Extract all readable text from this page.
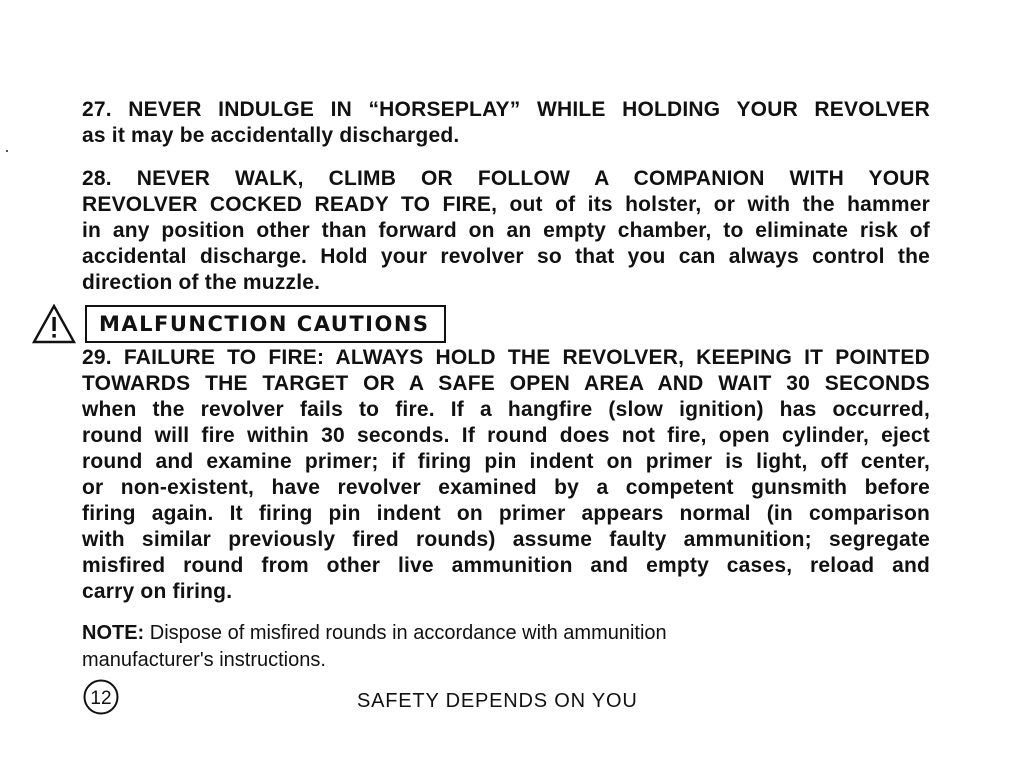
27. NEVER INDULGE IN “HORSEPLAY” WHILE HOLDING YOUR REVOLVER
as it may be accidentally discharged.
28. NEVER WALK, CLIMB OR FOLLOW A COMPANION WITH YOUR
REVOLVER COCKED READY TO FIRE, out of its holster, or with the hammer
in any position other than forward on an empty chamber, to eliminate risk of
accidental discharge. Hold your revolver so that you can always control the
direction of the muzzle.
MALFUNCTION CAUTIONS
29. FAILURE TO FIRE: ALWAYS HOLD THE REVOLVER, KEEPING IT POINTED
TOWARDS THE TARGET OR A SAFE OPEN AREA AND WAIT 30 SECONDS
when the revolver fails to fire. If a hangfire (slow ignition) has occurred,
round will fire within 30 seconds. If round does not fire, open cylinder, eject
round and examine primer; if firing pin indent on primer is light, off center,
or non-existent, have revolver examined by a competent gunsmith before
firing again. It firing pin indent on primer appears normal (in comparison
with similar previously fired rounds) assume faulty ammunition; segregate
misfired round from other live ammunition and empty cases, reload and
carry on firing.
NOTE: Dispose of misfired rounds in accordance with ammunition
manufacturer's instructions.
12	SAFETY DEPENDS ON YOU
